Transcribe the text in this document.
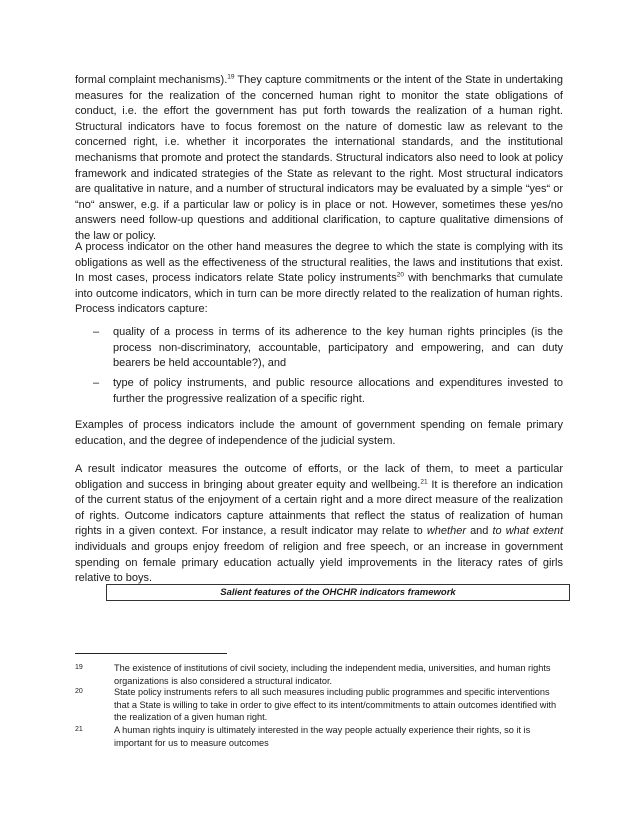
formal complaint mechanisms).$^{19}$ They capture commitments or the intent of the State in undertaking measures for the realization of the concerned human right to monitor the state obligations of conduct, i.e. the effort the government has put forth towards the realization of a human right. Structural indicators have to focus foremost on the nature of domestic law as relevant to the concerned right, i.e. whether it incorporates the international standards, and the institutional mechanisms that promote and protect the standards. Structural indicators also need to look at policy framework and indicated strategies of the State as relevant to the right. Most structural indicators are qualitative in nature, and a number of structural indicators may be evaluated by a simple “yes“ or “no“ answer, e.g. if a particular law or policy is in place or not. However, sometimes these yes/no answers need follow-up questions and additional clarification, to capture qualitative dimensions of the law or policy.

A process indicator on the other hand measures the degree to which the state is complying with its obligations as well as the effectiveness of the structural realities, the laws and institutions that exist. In most cases, process indicators relate State policy instruments$^{20}$ with benchmarks that cumulate into outcome indicators, which in turn can be more directly related to the realization of human rights. Process indicators capture:

– quality of a process in terms of its adherence to the key human rights principles (is the process non-discriminatory, accountable, participatory and empowering, and can duty bearers be held accountable?), and
– type of policy instruments, and public resource allocations and expenditures invested to further the progressive realization of a specific right.

Examples of process indicators include the amount of government spending on female primary education, and the degree of independence of the judicial system.

A result indicator measures the outcome of efforts, or the lack of them, to meet a particular obligation and success in bringing about greater equity and wellbeing.$^{21}$ It is therefore an indication of the current status of the enjoyment of a certain right and a more direct measure of the realization of rights. Outcome indicators capture attainments that reflect the status of realization of human rights in a given context. For instance, a result indicator may relate to whether and to what extent individuals and groups enjoy freedom of religion and free speech, or an increase in government spending on female primary education actually yield improvements in the literacy rates of girls relative to boys.

Salient features of the OHCHR indicators framework
19	The existence of institutions of civil society, including the independent media, universities, and human rights organizations is also considered a structural indicator.
20	State policy instruments refers to all such measures including public programmes and specific interventions that a State is willing to take in order to give effect to its intent/commitments to attain outcomes identified with the realization of a given human right.
21	A human rights inquiry is ultimately interested in the way people actually experience their rights, so it is important for us to measure outcomes
